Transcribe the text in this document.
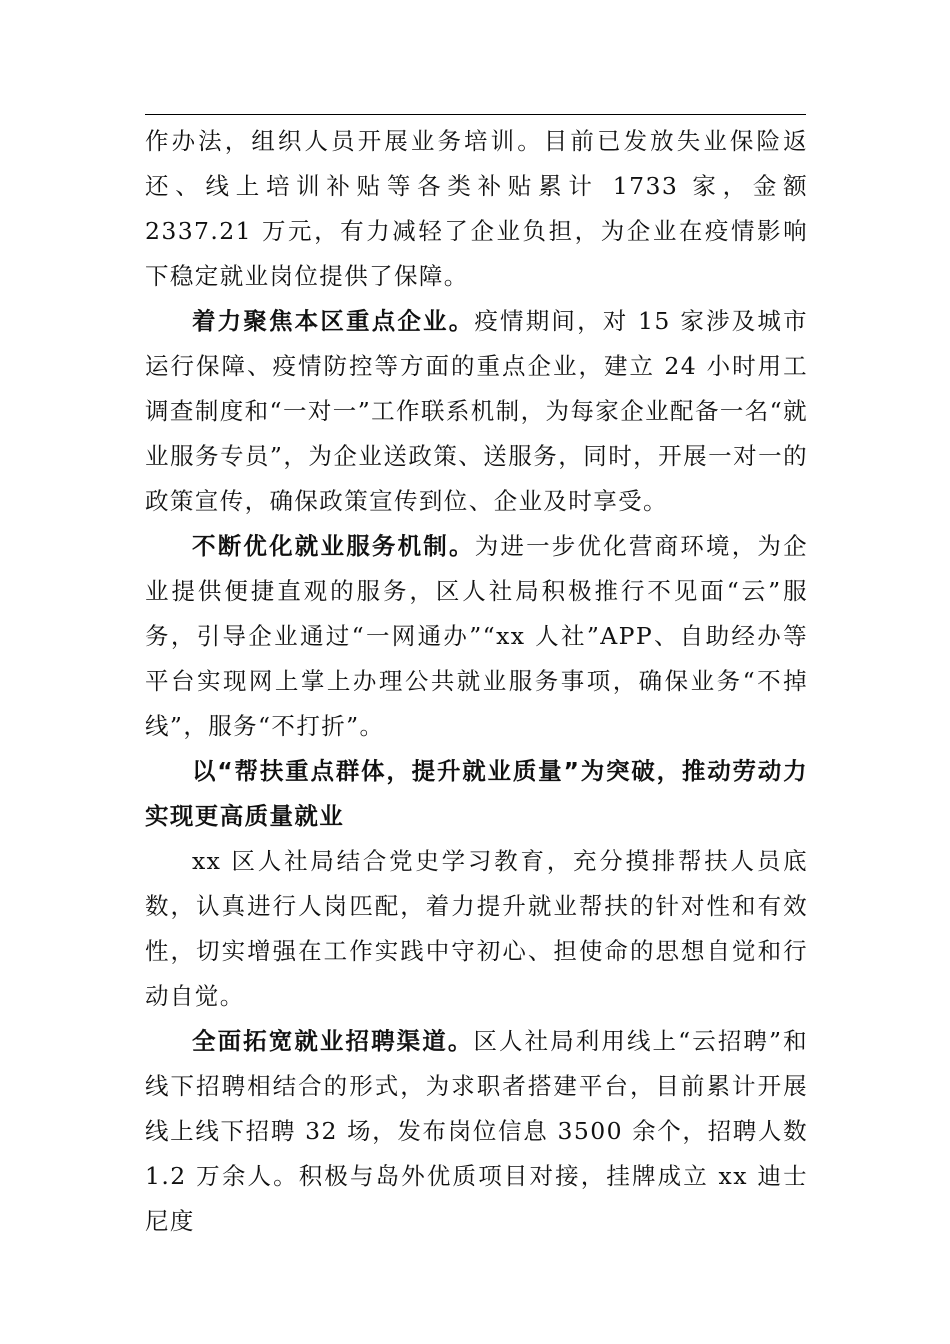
作办法，组织人员开展业务培训。目前已发放失业保险返还、线上培训补贴等各类补贴累计 1733 家，金额 2337.21 万元，有力减轻了企业负担，为企业在疫情影响下稳定就业岗位提供了保障。

着力聚焦本区重点企业。疫情期间，对 15 家涉及城市运行保障、疫情防控等方面的重点企业，建立 24 小时用工调查制度和“一对一”工作联系机制，为每家企业配备一名“就业服务专员”，为企业送政策、送服务，同时，开展一对一的政策宣传，确保政策宣传到位、企业及时享受。

不断优化就业服务机制。为进一步优化营商环境，为企业提供便捷直观的服务，区人社局积极推行不见面“云”服务，引导企业通过“一网通办”“xx 人社”APP、自助经办等平台实现网上掌上办理公共就业服务事项，确保业务“不掉线”，服务“不打折”。

以“帮扶重点群体，提升就业质量”为突破，推动劳动力实现更高质量就业

xx 区人社局结合党史学习教育，充分摸排帮扶人员底数，认真进行人岗匹配，着力提升就业帮扶的针对性和有效性，切实增强在工作实践中守初心、担使命的思想自觉和行动自觉。

全面拓宽就业招聘渠道。区人社局利用线上“云招聘”和线下招聘相结合的形式，为求职者搭建平台，目前累计开展线上线下招聘 32 场，发布岗位信息 3500 余个，招聘人数 1.2 万余人。积极与岛外优质项目对接，挂牌成立 xx 迪士尼度
